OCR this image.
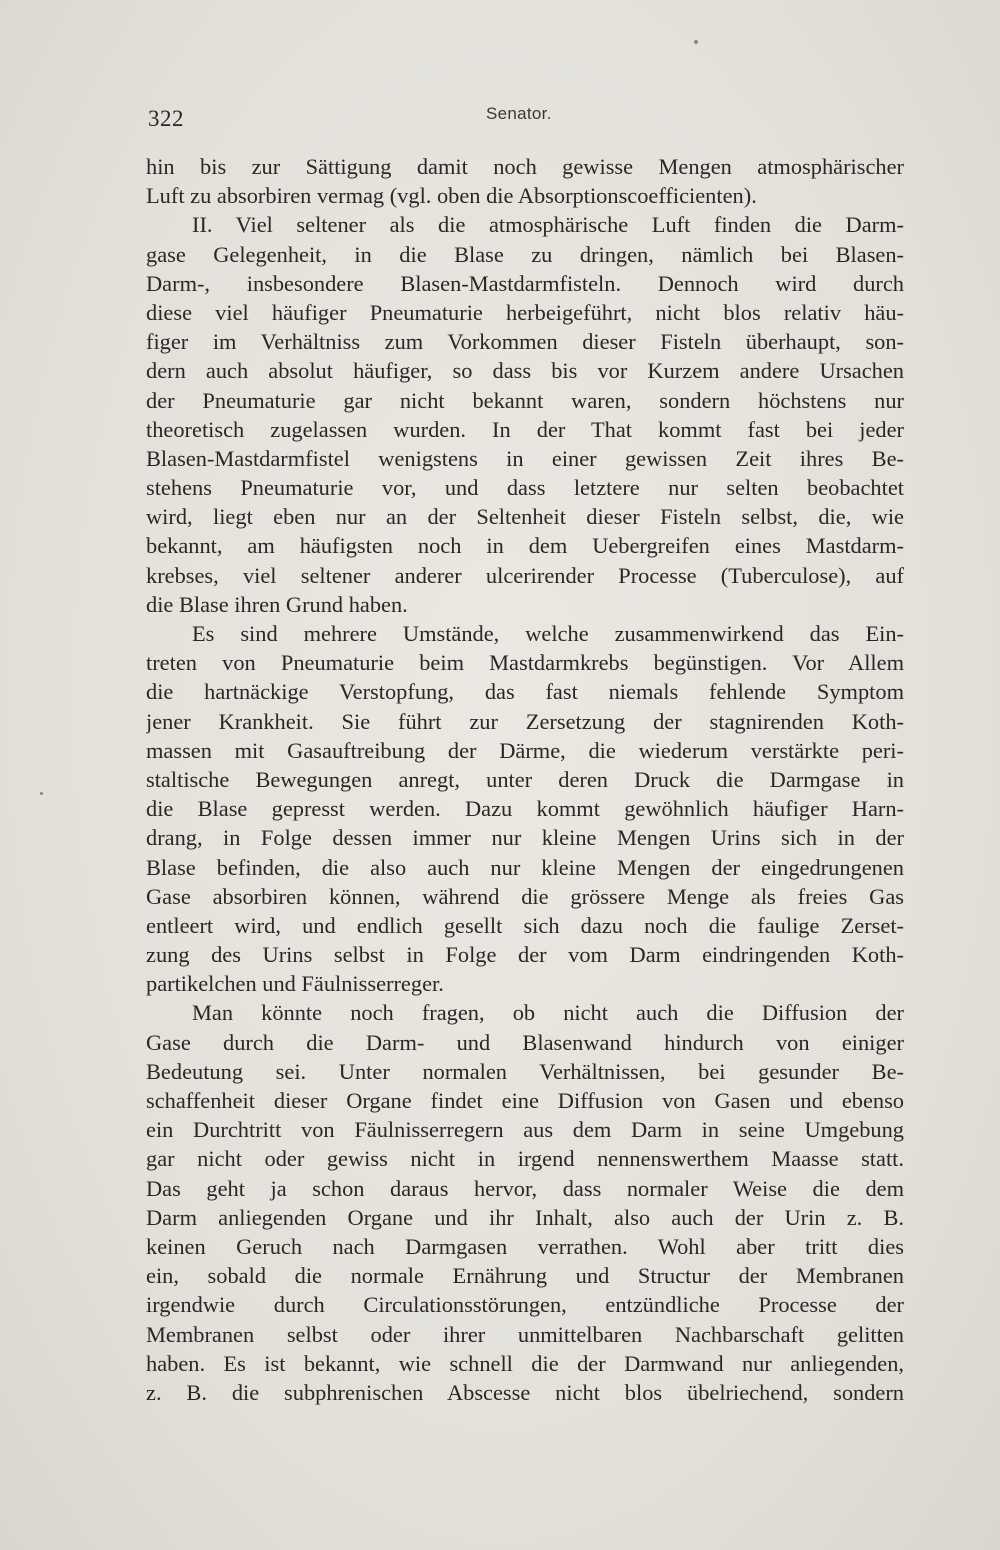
322	Senator.
hin bis zur Sättigung damit noch gewisse Mengen atmosphärischer
Luft zu absorbiren vermag (vgl. oben die Absorptionscoefficienten).
II. Viel seltener als die atmosphärische Luft finden die Darm-
gase Gelegenheit, in die Blase zu dringen, nämlich bei Blasen-
Darm-, insbesondere Blasen-Mastdarmfisteln. Dennoch wird durch
diese viel häufiger Pneumaturie herbeigeführt, nicht blos relativ häu-
figer im Verhältniss zum Vorkommen dieser Fisteln überhaupt, son-
dern auch absolut häufiger, so dass bis vor Kurzem andere Ursachen
der Pneumaturie gar nicht bekannt waren, sondern höchstens nur
theoretisch zugelassen wurden. In der That kommt fast bei jeder
Blasen-Mastdarmfistel wenigstens in einer gewissen Zeit ihres Be-
stehens Pneumaturie vor, und dass letztere nur selten beobachtet
wird, liegt eben nur an der Seltenheit dieser Fisteln selbst, die, wie
bekannt, am häufigsten noch in dem Uebergreifen eines Mastdarm-
krebses, viel seltener anderer ulcerirender Processe (Tuberculose), auf
die Blase ihren Grund haben.
Es sind mehrere Umstände, welche zusammenwirkend das Ein-
treten von Pneumaturie beim Mastdarmkrebs begünstigen. Vor Allem
die hartnäckige Verstopfung, das fast niemals fehlende Symptom
jener Krankheit. Sie führt zur Zersetzung der stagnirenden Koth-
massen mit Gasauftreibung der Därme, die wiederum verstärkte peri-
staltische Bewegungen anregt, unter deren Druck die Darmgase in
die Blase gepresst werden. Dazu kommt gewöhnlich häufiger Harn-
drang, in Folge dessen immer nur kleine Mengen Urins sich in der
Blase befinden, die also auch nur kleine Mengen der eingedrungenen
Gase absorbiren können, während die grössere Menge als freies Gas
entleert wird, und endlich gesellt sich dazu noch die faulige Zerset-
zung des Urins selbst in Folge der vom Darm eindringenden Koth-
partikelchen und Fäulnisserreger.
Man könnte noch fragen, ob nicht auch die Diffusion der
Gase durch die Darm- und Blasenwand hindurch von einiger
Bedeutung sei. Unter normalen Verhältnissen, bei gesunder Be-
schaffenheit dieser Organe findet eine Diffusion von Gasen und ebenso
ein Durchtritt von Fäulnisserregern aus dem Darm in seine Umgebung
gar nicht oder gewiss nicht in irgend nennenswerthem Maasse statt.
Das geht ja schon daraus hervor, dass normaler Weise die dem
Darm anliegenden Organe und ihr Inhalt, also auch der Urin z. B.
keinen Geruch nach Darmgasen verrathen. Wohl aber tritt dies
ein, sobald die normale Ernährung und Structur der Membranen
irgendwie durch Circulationsstörungen, entzündliche Processe der
Membranen selbst oder ihrer unmittelbaren Nachbarschaft gelitten
haben. Es ist bekannt, wie schnell die der Darmwand nur anliegenden,
z. B. die subphrenischen Abscesse nicht blos übelriechend, sondern
